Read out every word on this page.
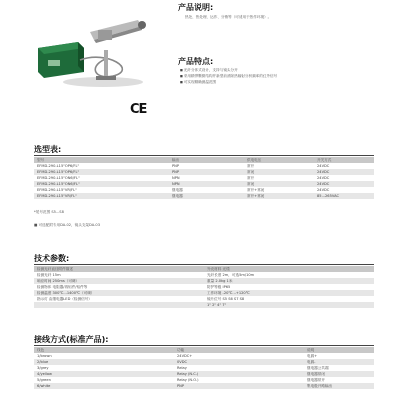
产品说明:
热处、热处理、运作、分销等（可适用于热作环境）。
产品特点:
■ 光纤分体式设计，支持与镜头分开
■ 采用精悍颗微结构并新型前消除热辐射分析频率的红外信号
■ 可实现精确测温范围
CE
选型表:
型号	输出	供电电压	开关方式
EFMD-290-L15"OP6/FL"	PNP	常开	24VDC
EFMD-290-L15"OP6/FL"	PNP	常闭	24VDC
EFMD-290-L15"ON6/FL"	NPN	常开	24VDC
EFMD-290-L15"ON6/FL"	NPN	常闭	24VDC
EFMD-290-L15"VR/FL"	继电器	常开+常闭	24VDC
EFMD-290-L15"VR/FL"	继电器	常开+常闭	85...265VAC
*尾号范围 S5...S8
■ 可选配附专用DA-02，镜头支架DA-03
技术参数:
检测光纤直径附件描述	外壳材料 光缆
检测光纤 15m	光纤长度 2m，可选5m/10m
响应时间 250ms（可调）	重量 2.0kg 1米
检测物体 电阻器/再铝件/铝件等	防护等级 IP65
检测温度 300℃...1400℃（可调）	工作环境 -20℃...+120℃
指示灯 由继电器LED（检测信号）	镜片位号 S5 S6 S7 S8
	1" 2" 4" 7"
接线方式(标准产品):
线色	功能	说明
1/brown	24VDC+	电源+
2/blue	0VDC	电源-
3/grey	Relay	继电器公共端
4/yellow	Relay (N.C.)	继电器常闭
5/green	Relay (N.O.)	继电器常开
6/white	PNP	集电极开路输出
